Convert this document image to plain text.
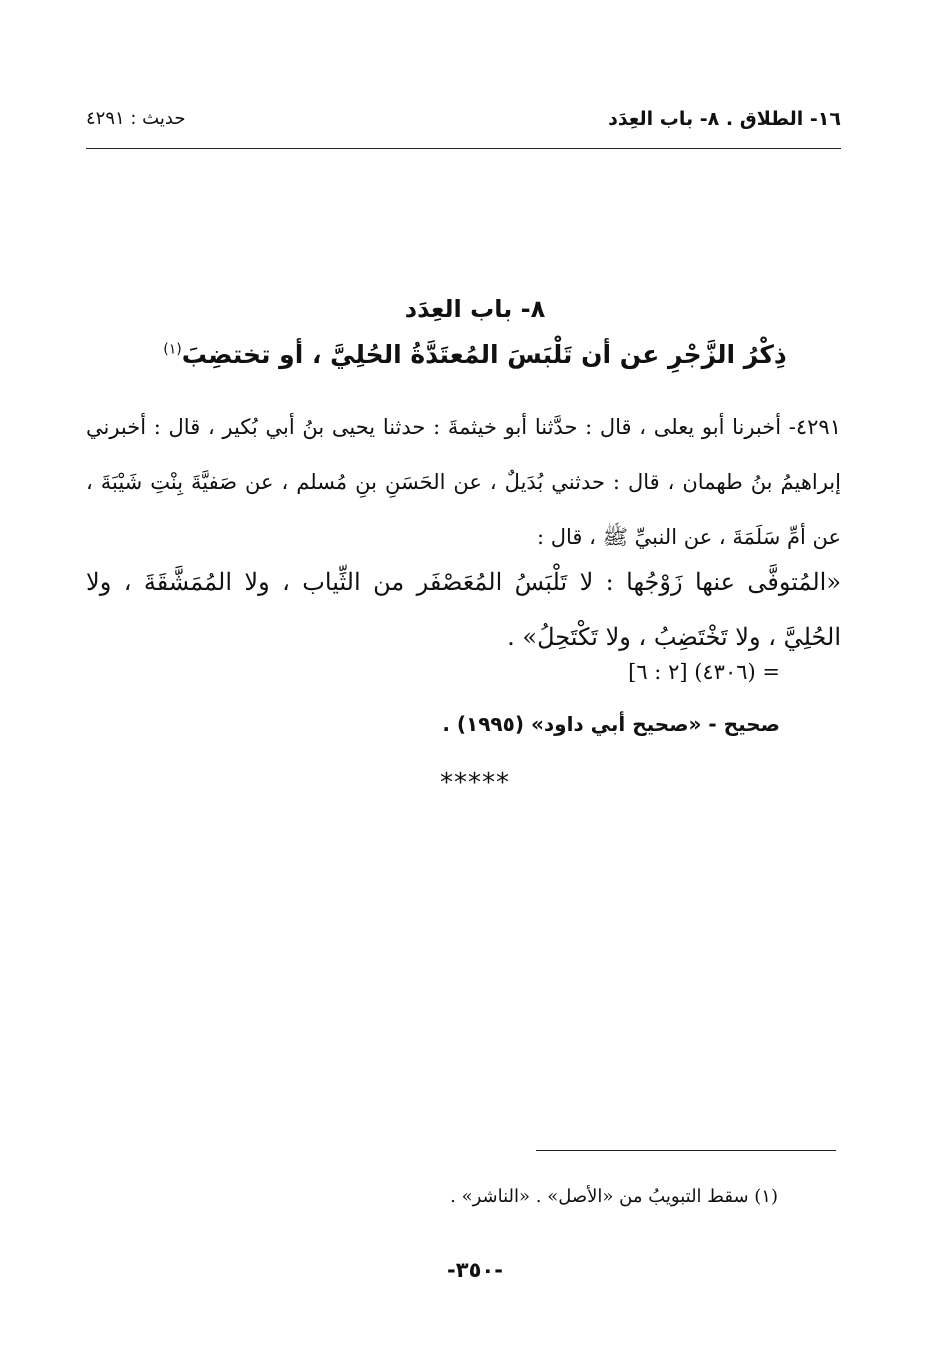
١٦- الطلاق . ٨- باب العِدَد
حديث : ٤٢٩١
٨- باب العِدَد
ذِكْرُ الزَّجْرِ عن أن تَلْبَسَ المُعتَدَّةُ الحُلِيَّ ، أو تختضِبَ$^{(١)}$

٤٢٩١- أخبرنا أبو يعلى ، قال : حدَّثنا أبو خيثمةَ : حدثنا يحيى بنُ أبي بُكير ، قال : أخبرني إبراهيمُ بنُ طهمان ، قال : حدثني بُدَيلٌ ، عن الحَسَنِ بنِ مُسلم ، عن صَفيَّةَ بِنْتِ شَيْبَةَ ، عن أمِّ سَلَمَةَ ، عن النبيِّ ﷺ ، قال :

«المُتوفَّى عنها زَوْجُها : لا تَلْبَسُ المُعَصْفَر من الثِّياب ، ولا المُمَشَّقَةَ ، ولا الحُلِيَّ ، ولا تَخْتَضِبُ ، ولا تَكْتَحِلُ» .

= (٤٣٠٦) [٢ : ٦]
صحيح - «صحيح أبي داود» (١٩٩٥) .
*****
(١) سقط التبويبُ من «الأصل» . «الناشر» .
-٣٥٠-
